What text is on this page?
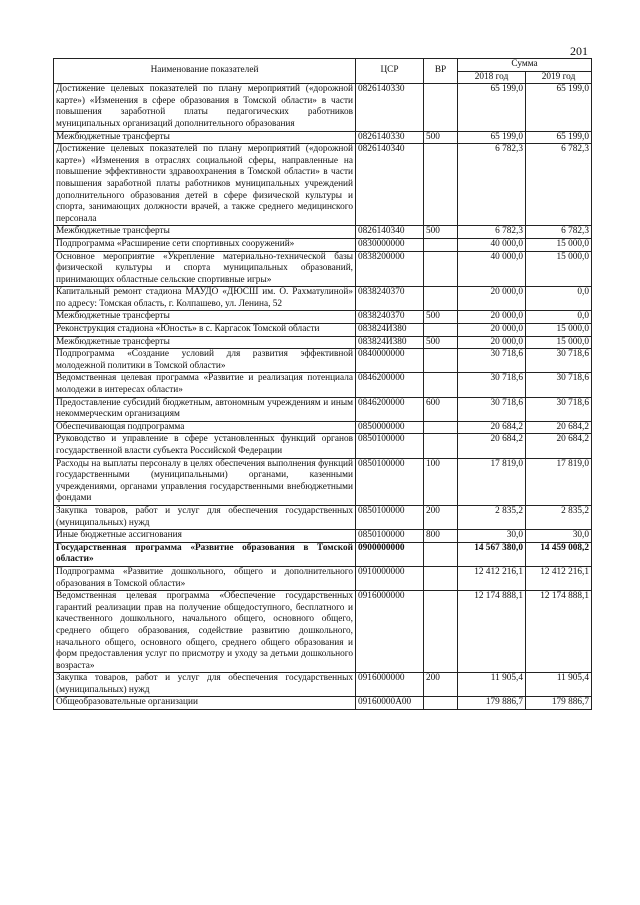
201
Наименование показателей	ЦСР	ВР	Сумма	
			2018 год	2019 год
Достижение целевых показателей по плану мероприятий («дорожной карте») «Изменения в сфере образования в Томской области» в части повышения заработной платы педагогических работников муниципальных организаций дополнительного образования	0826140330		65 199,0	65 199,0
Межбюджетные трансферты	0826140330	500	65 199,0	65 199,0
Достижение целевых показателей по плану мероприятий («дорожной карте») «Изменения в отраслях социальной сферы, направленные на повышение эффективности здравоохранения в Томской области» в части повышения заработной платы работников муниципальных учреждений дополнительного образования детей в сфере физической культуры и спорта, занимающих должности врачей, а также среднего медицинского персонала	0826140340		6 782,3	6 782,3
Межбюджетные трансферты	0826140340	500	6 782,3	6 782,3
Подпрограмма «Расширение сети спортивных сооружений»	0830000000		40 000,0	15 000,0
Основное мероприятие «Укрепление материально-технической базы физической культуры и спорта муниципальных образований, принимающих областные сельские спортивные игры»	0838200000		40 000,0	15 000,0
Капитальный ремонт стадиона МАУДО «ДЮСШ им. О. Рахматулиной» по адресу: Томская область, г. Колпашево, ул. Ленина, 52	0838240370		20 000,0	0,0
Межбюджетные трансферты	0838240370	500	20 000,0	0,0
Реконструкция стадиона «Юность» в с. Каргасок Томской области	083824И380		20 000,0	15 000,0
Межбюджетные трансферты	083824И380	500	20 000,0	15 000,0
Подпрограмма «Создание условий для развития эффективной молодежной политики в Томской области»	0840000000		30 718,6	30 718,6
Ведомственная целевая программа «Развитие и реализация потенциала молодежи в интересах области»	0846200000		30 718,6	30 718,6
Предоставление субсидий бюджетным, автономным учреждениям и иным некоммерческим организациям	0846200000	600	30 718,6	30 718,6
Обеспечивающая подпрограмма	0850000000		20 684,2	20 684,2
Руководство и управление в сфере установленных функций органов государственной власти субъекта Российской Федерации	0850100000		20 684,2	20 684,2
Расходы на выплаты персоналу в целях обеспечения выполнения функций государственными (муниципальными) органами, казенными учреждениями, органами управления государственными внебюджетными фондами	0850100000	100	17 819,0	17 819,0
Закупка товаров, работ и услуг для обеспечения государственных (муниципальных) нужд	0850100000	200	2 835,2	2 835,2
Иные бюджетные ассигнования	0850100000	800	30,0	30,0
Государственная программа «Развитие образования в Томской области»	0900000000		14 567 380,0	14 459 008,2
Подпрограмма «Развитие дошкольного, общего и дополнительного образования в Томской области»	0910000000		12 412 216,1	12 412 216,1
Ведомственная целевая программа «Обеспечение государственных гарантий реализации прав на получение общедоступного, бесплатного и качественного дошкольного, начального общего, основного общего, среднего общего образования, содействие развитию дошкольного, начального общего, основного общего, среднего общего образования и форм предоставления услуг по присмотру и уходу за детьми дошкольного возраста»	0916000000		12 174 888,1	12 174 888,1
Закупка товаров, работ и услуг для обеспечения государственных (муниципальных) нужд	0916000000	200	11 905,4	11 905,4
Общеобразовательные организации	09160000А00		179 886,7	179 886,7
